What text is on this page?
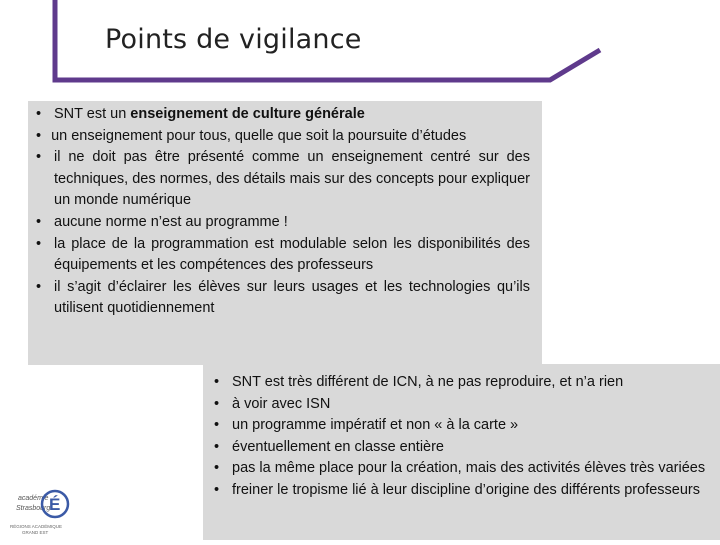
Points de vigilance
• SNT est un enseignement de culture générale
• un enseignement pour tous, quelle que soit la poursuite d’études
• il ne doit pas être présenté comme un enseignement centré sur des techniques, des normes, des détails mais sur des concepts pour expliquer un monde numérique
• aucune norme n’est au programme !
• la place de la programmation est modulable selon les disponibilités des équipements et les compétences des professeurs
• il s’agit d’éclairer les élèves sur leurs usages et les technologies qu’ils utilisent quotidiennement
• SNT est très différent de ICN, à ne pas reproduire, et n’a rien
• à voir avec ISN
• un programme impératif et non « à la carte »
• éventuellement en classe entière
• pas la même place pour la création, mais des activités élèves très variées
• freiner le tropisme lié à leur discipline d’origine des différents professeurs
académie
Strasbourg
É
RÉGIONS ACADÉMIQUE
GRAND EST
